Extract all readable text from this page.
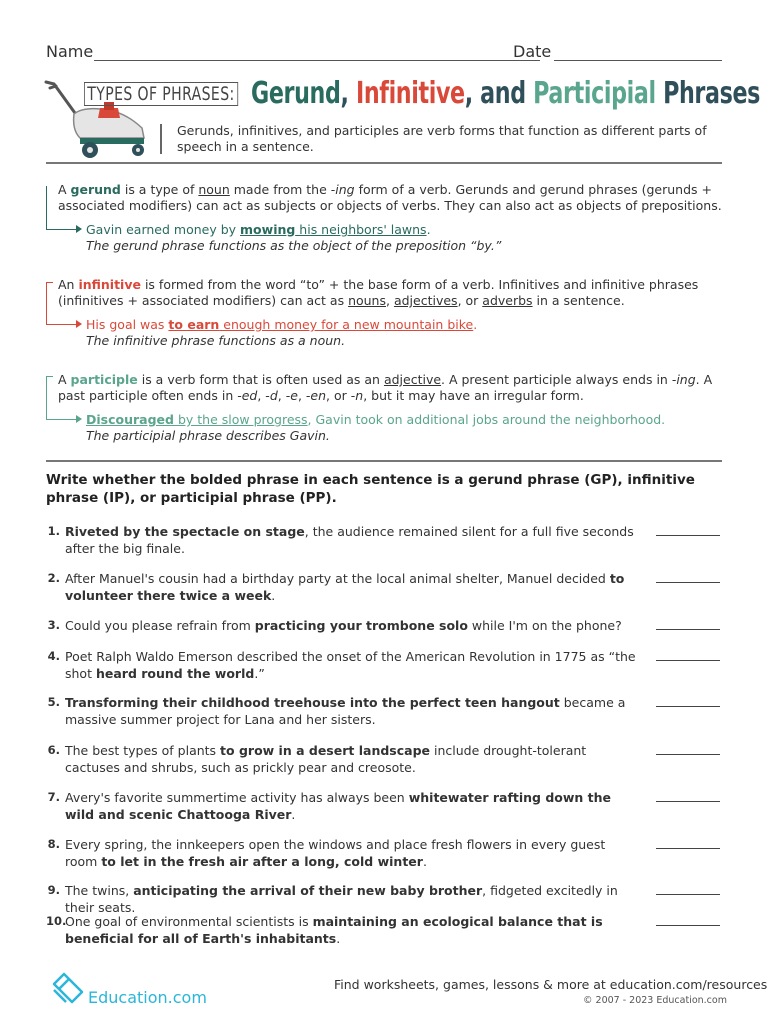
Name	Date
TYPES OF PHRASES: Gerund, Infinitive, and Participial Phrases
Gerunds, infinitives, and participles are verb forms that function as different parts of speech in a sentence.
A gerund is a type of noun made from the -ing form of a verb. Gerunds and gerund phrases (gerunds + associated modifiers) can act as subjects or objects of verbs. They can also act as objects of prepositions.
Gavin earned money by mowing his neighbors' lawns.
The gerund phrase functions as the object of the preposition “by.”
An infinitive is formed from the word “to” + the base form of a verb. Infinitives and infinitive phrases (infinitives + associated modifiers) can act as nouns, adjectives, or adverbs in a sentence.
His goal was to earn enough money for a new mountain bike.
The infinitive phrase functions as a noun.
A participle is a verb form that is often used as an adjective. A present participle always ends in -ing. A past participle often ends in -ed, -d, -e, -en, or -n, but it may have an irregular form.
Discouraged by the slow progress, Gavin took on additional jobs around the neighborhood.
The participial phrase describes Gavin.
Write whether the bolded phrase in each sentence is a gerund phrase (GP), infinitive phrase (IP), or participial phrase (PP).
1. Riveted by the spectacle on stage, the audience remained silent for a full five seconds after the big finale.
2. After Manuel's cousin had a birthday party at the local animal shelter, Manuel decided to volunteer there twice a week.
3. Could you please refrain from practicing your trombone solo while I'm on the phone?
4. Poet Ralph Waldo Emerson described the onset of the American Revolution in 1775 as “the shot heard round the world.”
5. Transforming their childhood treehouse into the perfect teen hangout became a massive summer project for Lana and her sisters.
6. The best types of plants to grow in a desert landscape include drought-tolerant cactuses and shrubs, such as prickly pear and creosote.
7. Avery's favorite summertime activity has always been whitewater rafting down the wild and scenic Chattooga River.
8. Every spring, the innkeepers open the windows and place fresh flowers in every guest room to let in the fresh air after a long, cold winter.
9. The twins, anticipating the arrival of their new baby brother, fidgeted excitedly in their seats.
10.
One goal of environmental scientists is maintaining an ecological balance that is beneficial for all of Earth's inhabitants.
Education.com
Find worksheets, games, lessons & more at education.com/resources
© 2007 - 2023 Education.com
